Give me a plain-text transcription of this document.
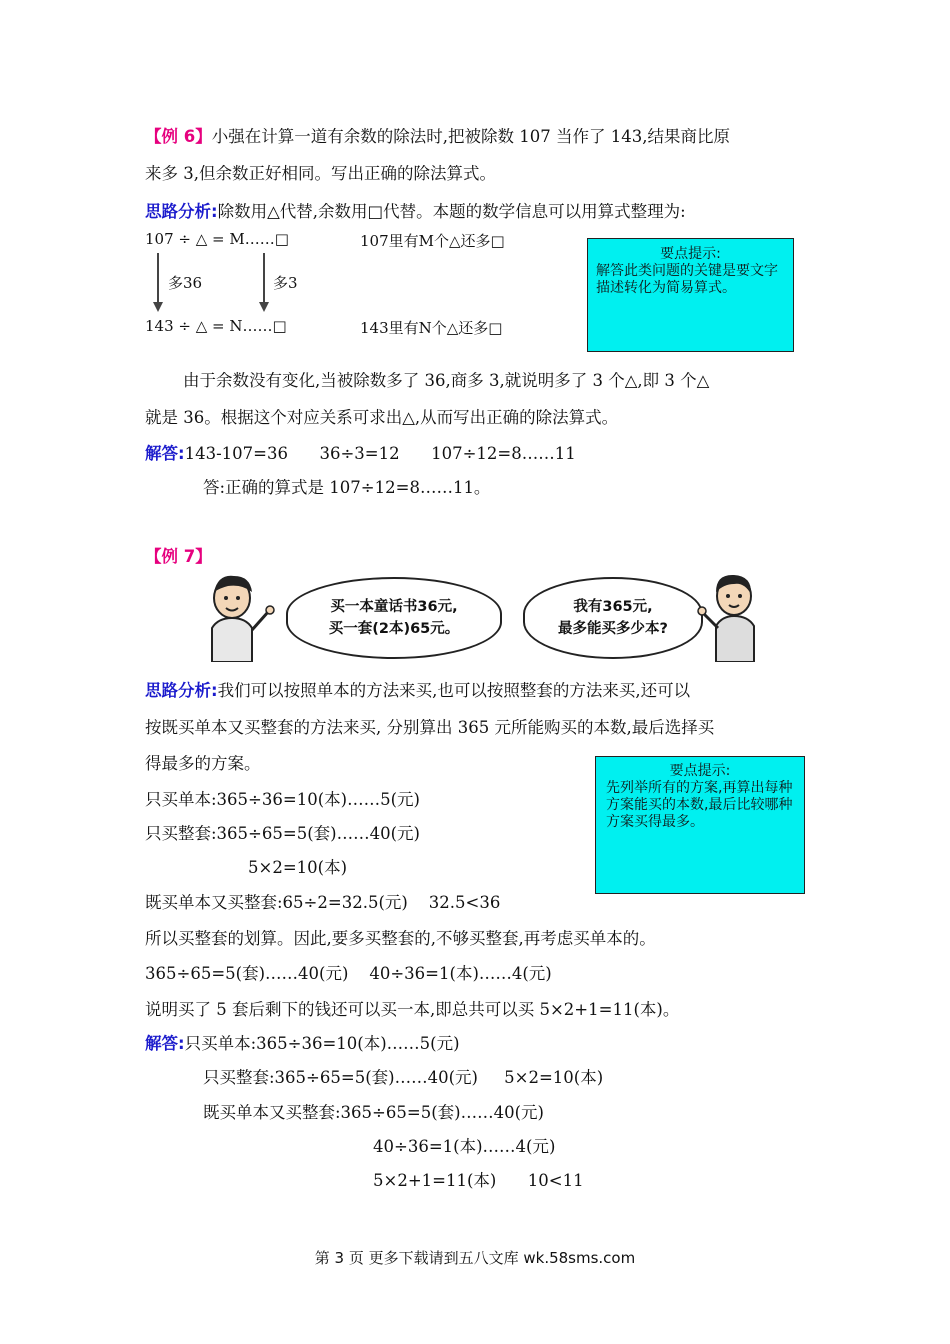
【例 6】小强在计算一道有余数的除法时,把被除数 107 当作了 143,结果商比原
来多 3,但余数正好相同。写出正确的除法算式。
思路分析:除数用△代替,余数用□代替。本题的数学信息可以用算式整理为:
107 ÷ △ = M……□	107里有M个△还多□
多36	多3
143 ÷ △ = N……□	143里有N个△还多□
要点提示:
解答此类问题的关键是要文字描述转化为简易算式。
由于余数没有变化,当被除数多了 36,商多 3,就说明多了 3 个△,即 3 个△
就是 36。根据这个对应关系可求出△,从而写出正确的除法算式。
解答:143-107=36      36÷3=12      107÷12=8……11
答:正确的算式是 107÷12=8……11。
【例 7】
买一本童话书36元,
买一套(2本)65元。
我有365元,
最多能买多少本?
思路分析:我们可以按照单本的方法来买,也可以按照整套的方法来买,还可以
按既买单本又买整套的方法来买, 分别算出 365 元所能购买的本数,最后选择买
得最多的方案。	要点提示:
先列举所有的方案,再算出每种方案能买的本数,最后比较哪种方案买得最多。
只买单本:365÷36=10(本)……5(元)
只买整套:365÷65=5(套)……40(元)
5×2=10(本)
既买单本又买整套:65÷2=32.5(元)    32.5<36
所以买整套的划算。因此,要多买整套的,不够买整套,再考虑买单本的。
365÷65=5(套)……40(元)    40÷36=1(本)……4(元)
说明买了 5 套后剩下的钱还可以买一本,即总共可以买 5×2+1=11(本)。
解答:只买单本:365÷36=10(本)……5(元)
只买整套:365÷65=5(套)……40(元)     5×2=10(本)
既买单本又买整套:365÷65=5(套)……40(元)
40÷36=1(本)……4(元)
5×2+1=11(本)      10<11
第 3 页 更多下载请到五八文库 wk.58sms.com
